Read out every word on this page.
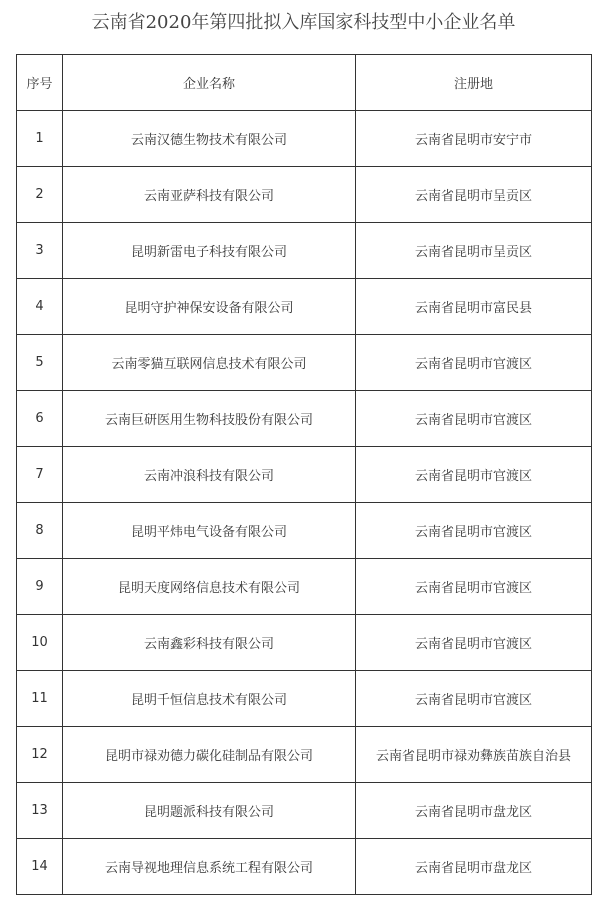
云南省2020年第四批拟入库国家科技型中小企业名单
序号	企业名称	注册地
1	云南汉德生物技术有限公司	云南省昆明市安宁市
2	云南亚萨科技有限公司	云南省昆明市呈贡区
3	昆明新雷电子科技有限公司	云南省昆明市呈贡区
4	昆明守护神保安设备有限公司	云南省昆明市富民县
5	云南零猫互联网信息技术有限公司	云南省昆明市官渡区
6	云南巨研医用生物科技股份有限公司	云南省昆明市官渡区
7	云南冲浪科技有限公司	云南省昆明市官渡区
8	昆明平炜电气设备有限公司	云南省昆明市官渡区
9	昆明天度网络信息技术有限公司	云南省昆明市官渡区
10	云南鑫彩科技有限公司	云南省昆明市官渡区
11	昆明千恒信息技术有限公司	云南省昆明市官渡区
12	昆明市禄劝德力碳化硅制品有限公司	云南省昆明市禄劝彝族苗族自治县
13	昆明题派科技有限公司	云南省昆明市盘龙区
14	云南导视地理信息系统工程有限公司	云南省昆明市盘龙区
